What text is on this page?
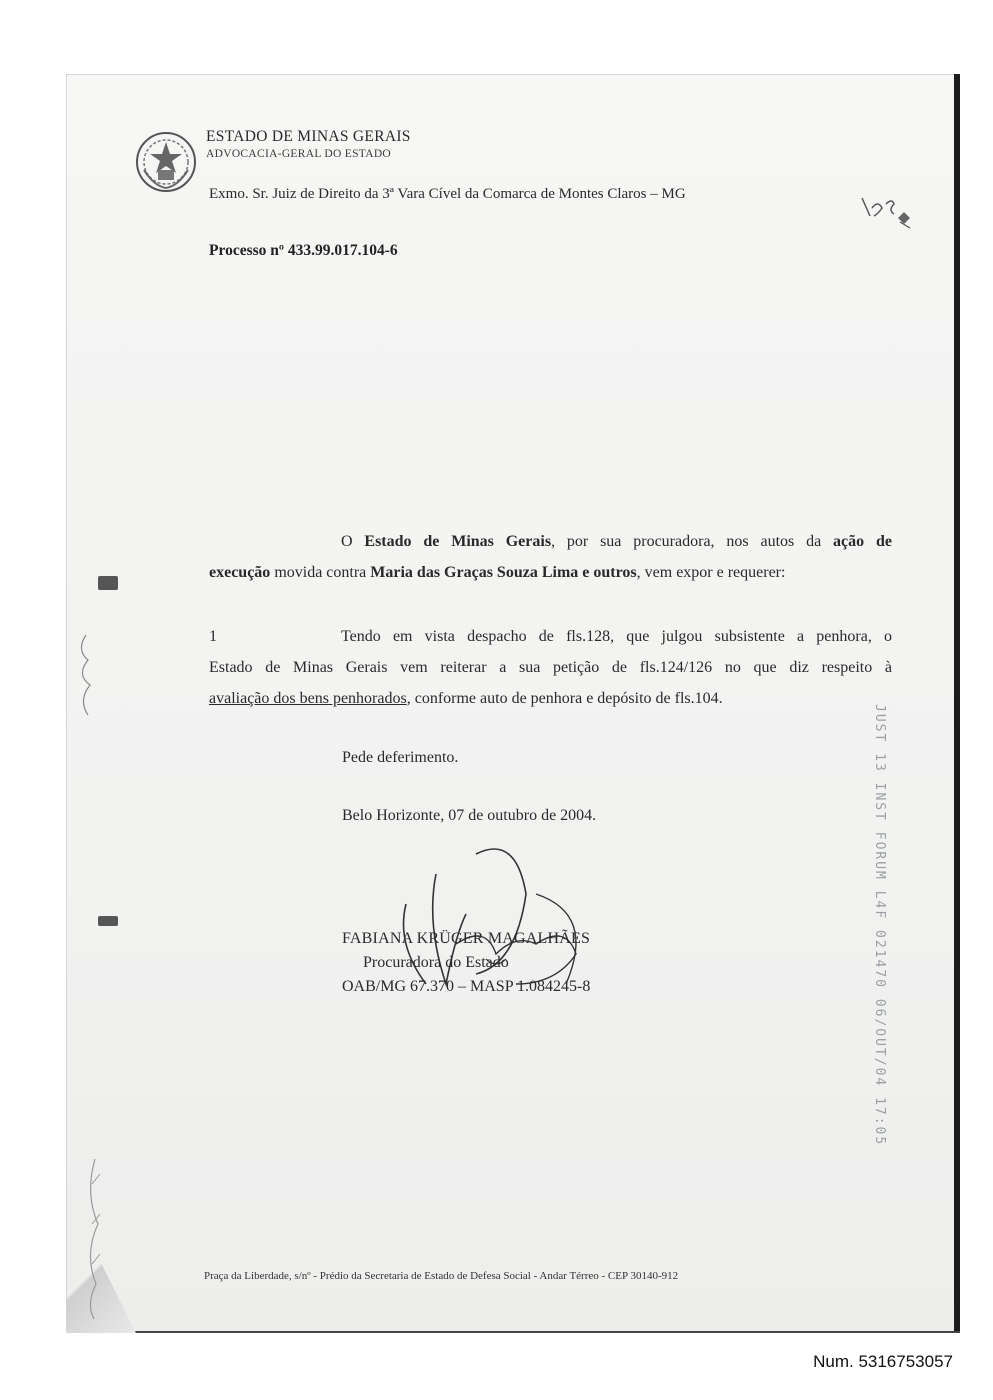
ESTADO DE MINAS GERAIS
ADVOCACIA-GERAL DO ESTADO
Exmo. Sr. Juiz de Direito da 3ª Vara Cível da Comarca de Montes Claros – MG
Processo nº 433.99.017.104-6
O Estado de Minas Gerais, por sua procuradora, nos autos da ação de
execução movida contra Maria das Graças Souza Lima e outros, vem expor e requerer:
1	Tendo em vista despacho de fls.128, que julgou subsistente a penhora, o
Estado de Minas Gerais vem reiterar a sua petição de fls.124/126 no que diz respeito à
avaliação dos bens penhorados, conforme auto de penhora e depósito de fls.104.
Pede deferimento.
Belo Horizonte, 07 de outubro de 2004.
FABIANA KRÜGER MAGALHÃES
Procuradora do Estado
OAB/MG 67.370 – MASP 1.084245-8	JUST 13 INST FORUM L4F 021470 06/OUT/04 17:05
Praça da Liberdade, s/nº - Prédio da Secretaria de Estado de Defesa Social - Andar Térreo - CEP 30140-912
Num. 5316753057
